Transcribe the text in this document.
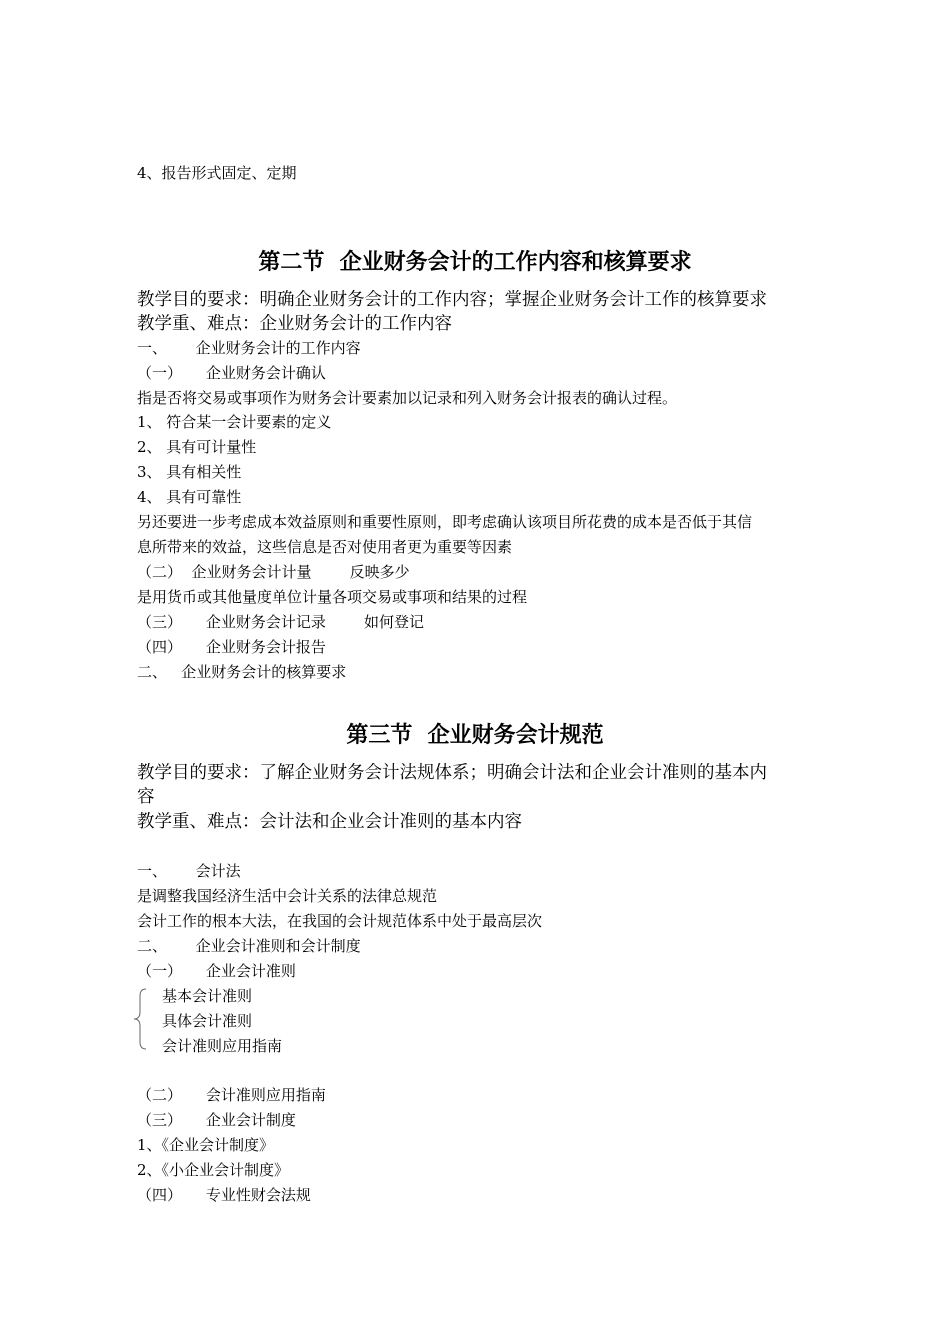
4、报告形式固定、定期
第二节  企业财务会计的工作内容和核算要求
教学目的要求：明确企业财务会计的工作内容；掌握企业财务会计工作的核算要求
教学重、难点：企业财务会计的工作内容
一、      企业财务会计的工作内容
（一）     企业财务会计确认
指是否将交易或事项作为财务会计要素加以记录和列入财务会计报表的确认过程。
1、 符合某一会计要素的定义
2、 具有可计量性
3、 具有相关性
4、 具有可靠性
另还要进一步考虑成本效益原则和重要性原则，即考虑确认该项目所花费的成本是否低于其信
息所带来的效益，这些信息是否对使用者更为重要等因素
（二）  企业财务会计计量        反映多少
是用货币或其他量度单位计量各项交易或事项和结果的过程
（三）     企业财务会计记录        如何登记
（四）     企业财务会计报告
二、   企业财务会计的核算要求
第三节  企业财务会计规范
教学目的要求：了解企业财务会计法规体系；明确会计法和企业会计准则的基本内
容
教学重、难点：会计法和企业会计准则的基本内容
一、      会计法
是调整我国经济生活中会计关系的法律总规范
会计工作的根本大法，在我国的会计规范体系中处于最高层次
二、      企业会计准则和会计制度
（一）     企业会计准则
基本会计准则
具体会计准则
会计准则应用指南
（二）     会计准则应用指南
（三）     企业会计制度
1、《企业会计制度》
2、《小企业会计制度》
（四）     专业性财会法规
